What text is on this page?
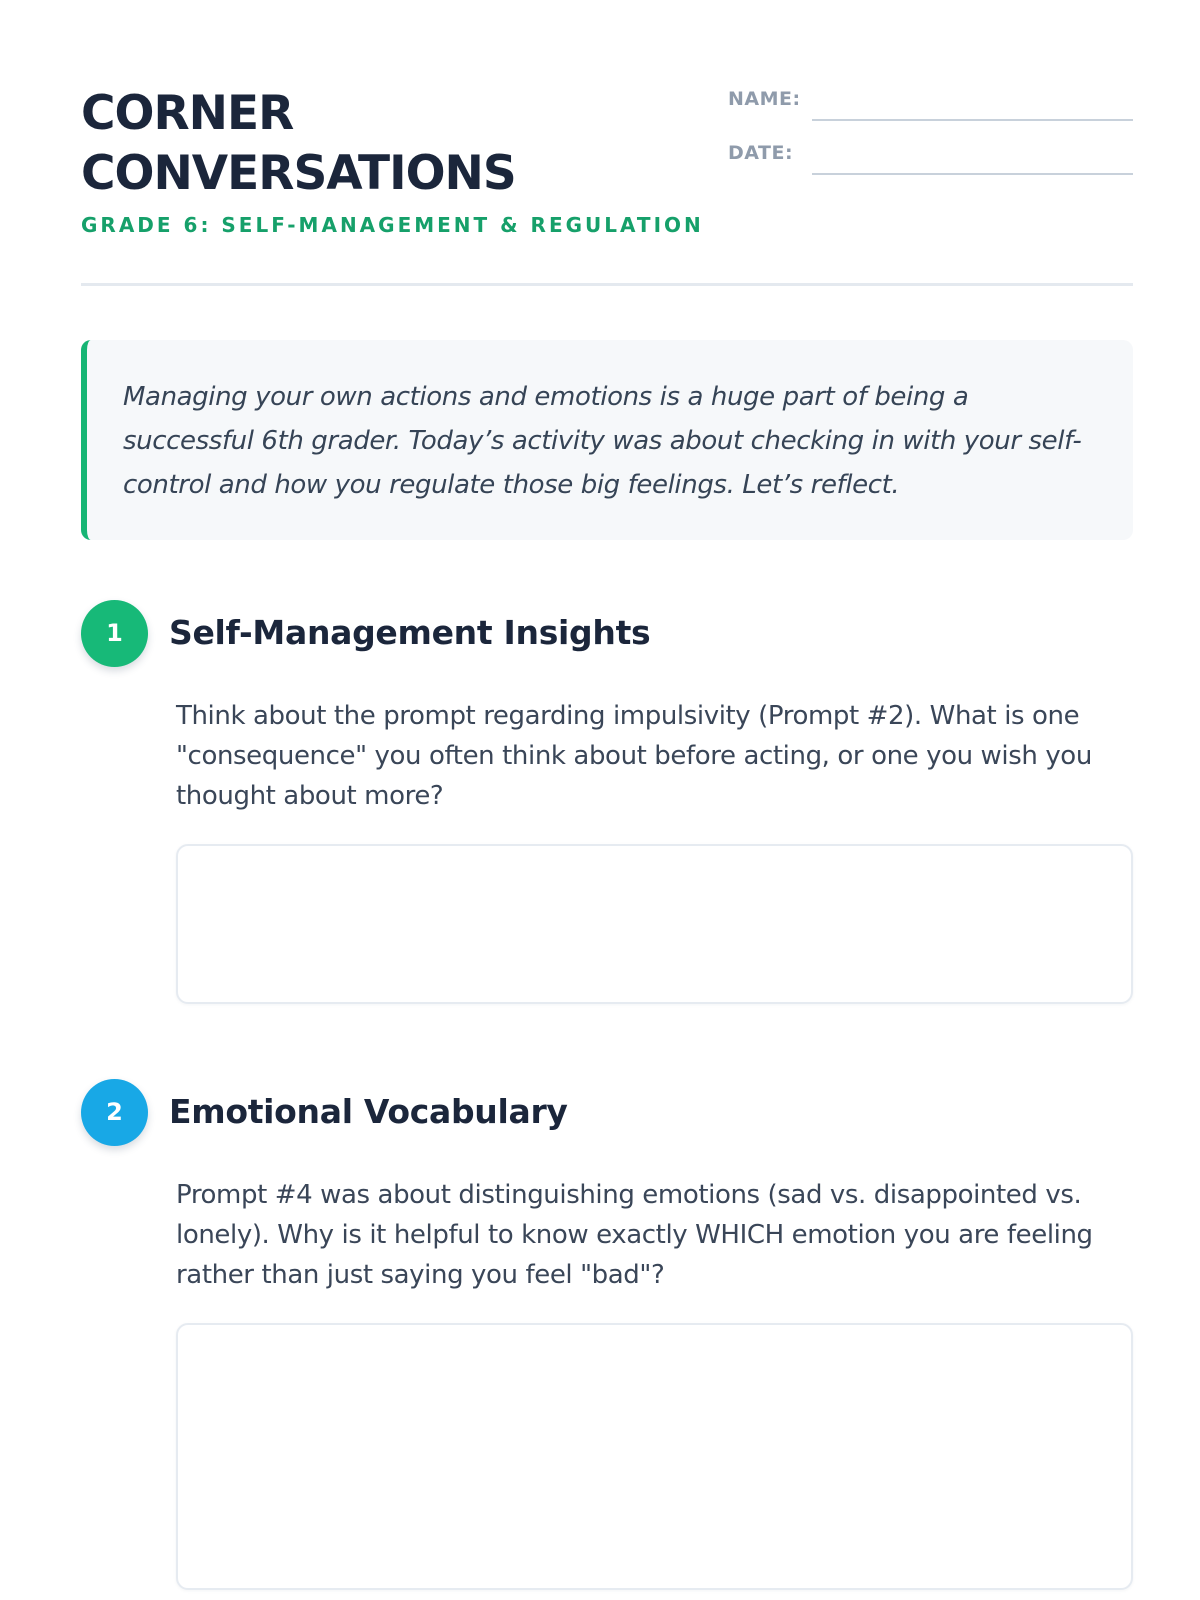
CORNER
CONVERSATIONS
GRADE 6: SELF-MANAGEMENT & REGULATION
NAME:
DATE:

Managing your own actions and emotions is a huge part of being a successful 6th grader. Today’s activity was about checking in with your self-control and how you regulate those big feelings. Let’s reflect.

1	Self-Management Insights

Think about the prompt regarding impulsivity (Prompt #2). What is one "consequence" you often think about before acting, or one you wish you thought about more?

2	Emotional Vocabulary

Prompt #4 was about distinguishing emotions (sad vs. disappointed vs. lonely). Why is it helpful to know exactly WHICH emotion you are feeling rather than just saying you feel "bad"?
